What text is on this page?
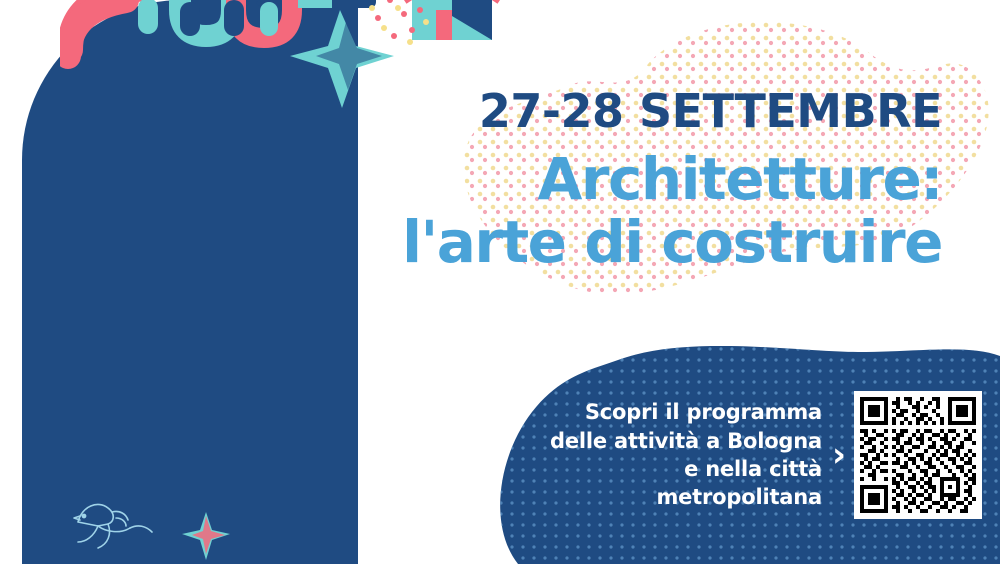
27-28 SETTEMBRE
Architetture:
l'arte di costruire
Scopri il programma delle attività a Bologna e nella città metropolitana
›
